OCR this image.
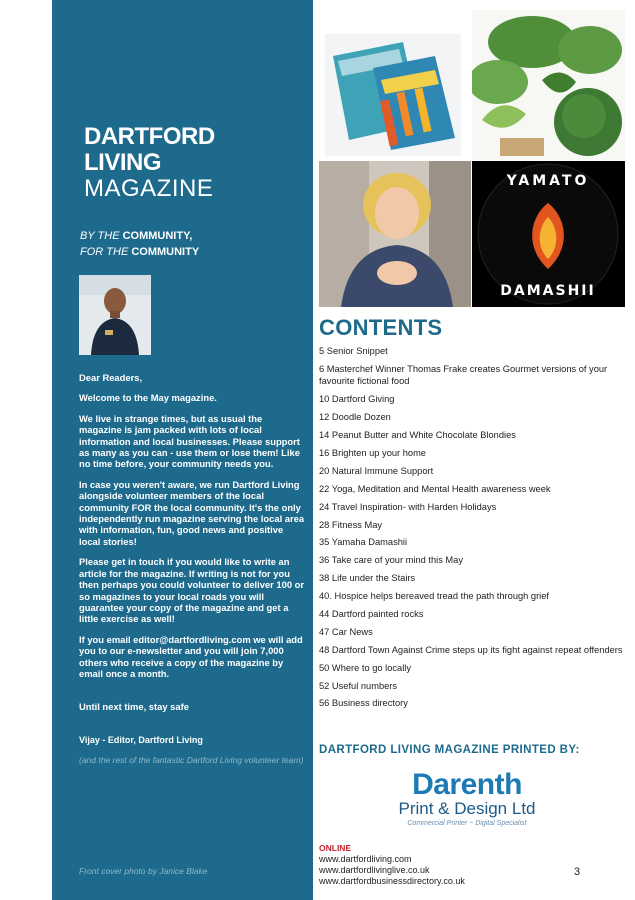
DARTFORD
LIVING
MAGAZINE
BY THE COMMUNITY,
FOR THE COMMUNITY

Dear Readers,

Welcome to the May magazine.

We live in strange times, but as usual the magazine is jam packed with lots of local information and local businesses. Please support as many as you can - use them or lose them! Like no time before, your community needs you.

In case you weren't aware, we run Dartford Living alongside volunteer members of the local community FOR the local community. It's the only independently run magazine serving the local area with information, fun, good news and positive local stories!

Please get in touch if you would like to write an article for the magazine. If writing is not for you then perhaps you could volunteer to deliver 100 or so magazines to your local roads you will guarantee your copy of the magazine and get a little exercise as well!

If you email editor@dartfordliving.com we will add you to our e-newsletter and you will join 7,000 others who receive a copy of the magazine by email once a month.

Until next time, stay safe

Vijay - Editor, Dartford Living

(and the rest of the fantastic Dartford Living volunteer team)

Front cover photo by Janice Blake
YAMATO
DAMASHII
CONTENTS
5 Senior Snippet
6 Masterchef Winner Thomas Frake creates Gourmet versions of your favourite fictional food
10 Dartford Giving
12 Doodle Dozen
14 Peanut Butter and White Chocolate Blondies
16 Brighten up your home
20 Natural Immune Support
22 Yoga, Meditation and Mental Health awareness week
24 Travel Inspiration- with Harden Holidays
28 Fitness May
35 Yamaha Damashii
36 Take care of your mind this May
38 Life under the Stairs
40. Hospice helps bereaved tread the path through grief
44 Dartford painted rocks
47 Car News
48 Dartford Town Against Crime steps up its fight against repeat offenders
50 Where to go locally
52 Useful numbers
56 Business directory
DARTFORD LIVING MAGAZINE PRINTED BY:
Darenth
Print & Design Ltd
Commercial Printer ~ Digital Specialist
ONLINE
www.dartfordliving.com
www.dartfordlivinglive.co.uk
www.dartfordbusinessdirectory.co.uk
3
